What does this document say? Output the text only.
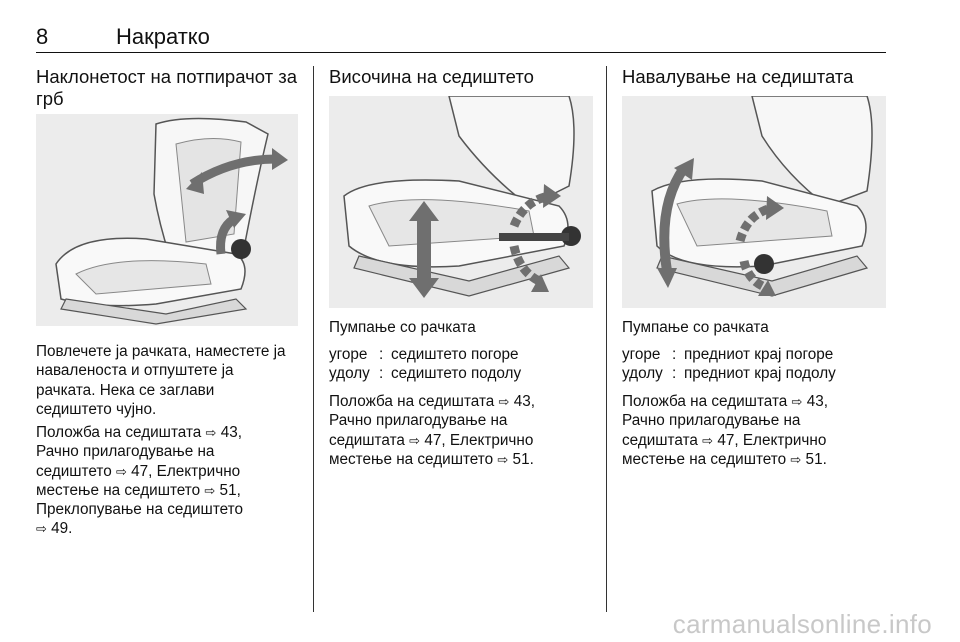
8	Накратко
Наклонетост на потпирачот за
грб
Повлечете ја рачката, наместете ја
наваленоста и отпуштете ја
рачката. Нека се заглави
седиштето чујно.
Положба на седиштата ⇨ 43,
Рачно прилагодување на
седиштето ⇨ 47, Електрично
местење на седиштето ⇨ 51,
Преклопување на седиштето
⇨ 49.
Височина на седиштето
Пумпање со рачката
угоре : седиштето погоре
удолу : седиштето подолу
Положба на седиштата ⇨ 43,
Рачно прилагодување на
седиштата ⇨ 47, Електрично
местење на седиштето ⇨ 51.
Навалување на седиштата
Пумпање со рачката
угоре : предниот крај погоре
удолу : предниот крај подолу
Положба на седиштата ⇨ 43,
Рачно прилагодување на
седиштата ⇨ 47, Електрично
местење на седиштето ⇨ 51.
carmanualsonline.info
